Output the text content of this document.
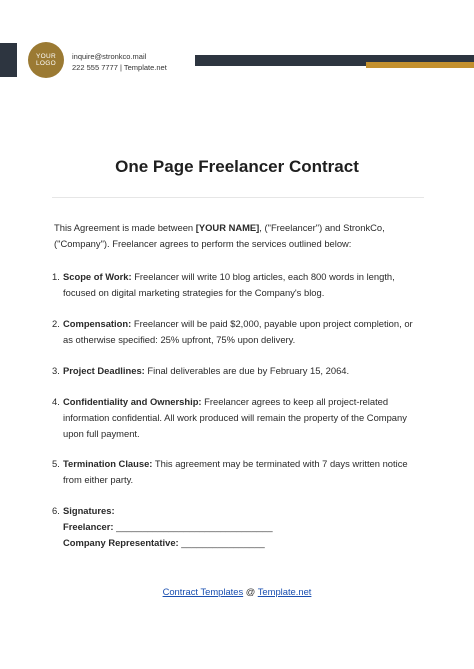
YOUR
LOGO
inquire@stronkco.mail
222 555 7777 | Template.net
One Page Freelancer Contract
This Agreement is made between [YOUR NAME], ("Freelancer") and StronkCo, ("Company"). Freelancer agrees to perform the services outlined below:
1. Scope of Work: Freelancer will write 10 blog articles, each 800 words in length, focused on digital marketing strategies for the Company's blog.
2. Compensation: Freelancer will be paid $2,000, payable upon project completion, or as otherwise specified: 25% upfront, 75% upon delivery.
3. Project Deadlines: Final deliverables are due by February 15, 2064.
4. Confidentiality and Ownership: Freelancer agrees to keep all project-related information confidential. All work produced will remain the property of the Company upon full payment.
5. Termination Clause: This agreement may be terminated with 7 days written notice from either party.
6. Signatures:
Freelancer: ______________________________
Company Representative: ________________
Contract Templates @ Template.net
